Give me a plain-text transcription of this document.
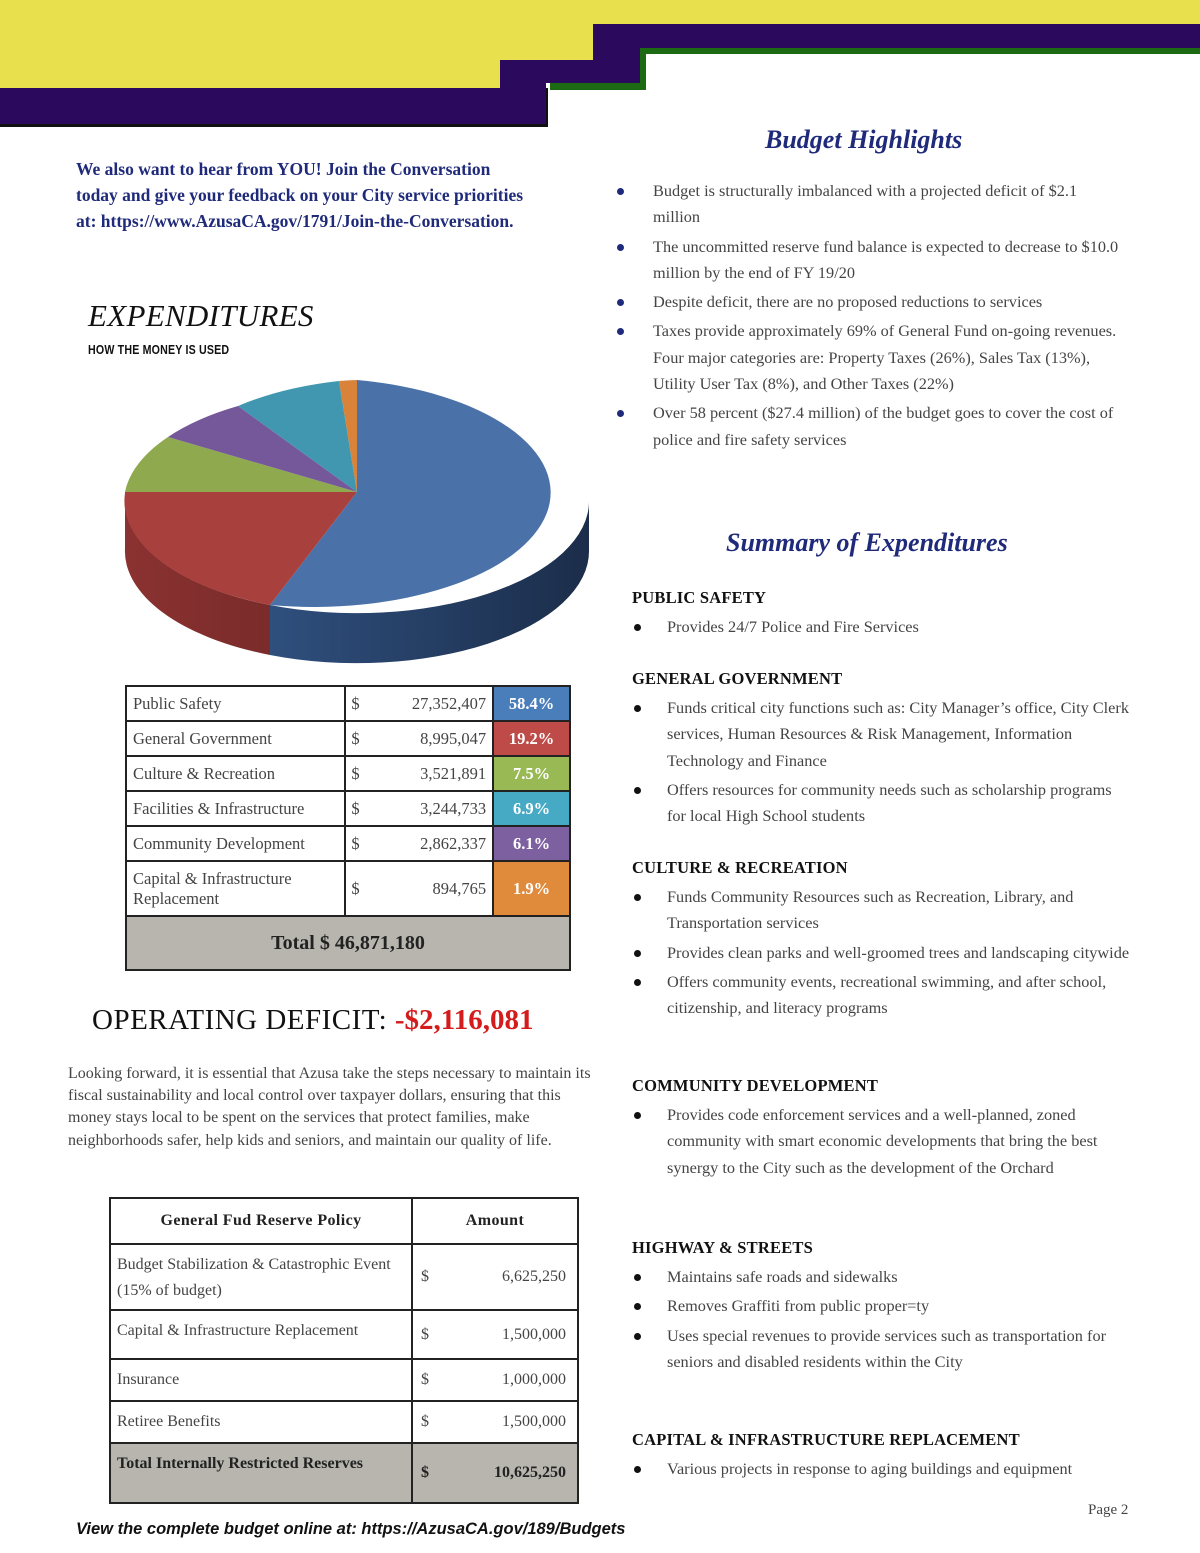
We also want to hear from YOU! Join the Conversation today and give your feedback on your City service priorities at: https://www.AzusaCA.gov/1791/Join-the-Conversation.
EXPENDITURES
HOW THE MONEY IS USED
Public Safety	$ 27,352,407	58.4%
General Government	$ 8,995,047	19.2%
Culture & Recreation	$ 3,521,891	7.5%
Facilities & Infrastructure	$ 3,244,733	6.9%
Community Development	$ 2,862,337	6.1%
Capital & Infrastructure Replacement	$ 894,765	1.9%
Total $ 46,871,180		
OPERATING DEFICIT: -$2,116,081

Looking forward, it is essential that Azusa take the steps necessary to maintain its fiscal sustainability and local control over taxpayer dollars, ensuring that this money stays local to be spent on the services that protect families, make neighborhoods safer, help kids and seniors, and maintain our quality of life.

General Fud Reserve Policy	Amount
Budget Stabilization & Catastrophic Event (15% of budget)	$ 6,625,250

Capital & Infrastructure Replacement	$ 1,500,000

Insurance	$ 1,000,000

Retiree Benefits	$ 1,500,000

Total Internally Restricted Reserves	$ 10,625,250
View the complete budget online at: https://AzusaCA.gov/189/Budgets
Budget Highlights
Budget is structurally imbalanced with a projected deficit of $2.1 million
The uncommitted reserve fund balance is expected to decrease to $10.0 million by the end of FY 19/20
Despite deficit, there are no proposed reductions to services
Taxes provide approximately 69% of General Fund on-going revenues. Four major categories are: Property Taxes (26%), Sales Tax (13%), Utility User Tax (8%), and Other Taxes (22%)
Over 58 percent ($27.4 million) of the budget goes to cover the cost of police and fire safety services
Summary of Expenditures
PUBLIC SAFETY
Provides 24/7 Police and Fire Services
GENERAL GOVERNMENT
Funds critical city functions such as: City Manager’s office, City Clerk services, Human Resources & Risk Management, Information Technology and Finance
Offers resources for community needs such as scholarship programs for local High School students
CULTURE & RECREATION
Funds Community Resources such as Recreation, Library, and Transportation services
Provides clean parks and well-groomed trees and landscaping citywide
Offers community events, recreational swimming, and after school, citizenship, and literacy programs
COMMUNITY DEVELOPMENT
Provides code enforcement services and a well-planned, zoned community with smart economic developments that bring the best synergy to the City such as the development of the Orchard
HIGHWAY & STREETS
Maintains safe roads and sidewalks
Removes Graffiti from public proper=ty
Uses special revenues to provide services such as transportation for seniors and disabled residents within the City
CAPITAL & INFRASTRUCTURE REPLACEMENT
Various projects in response to aging buildings and equipment
Page 2
